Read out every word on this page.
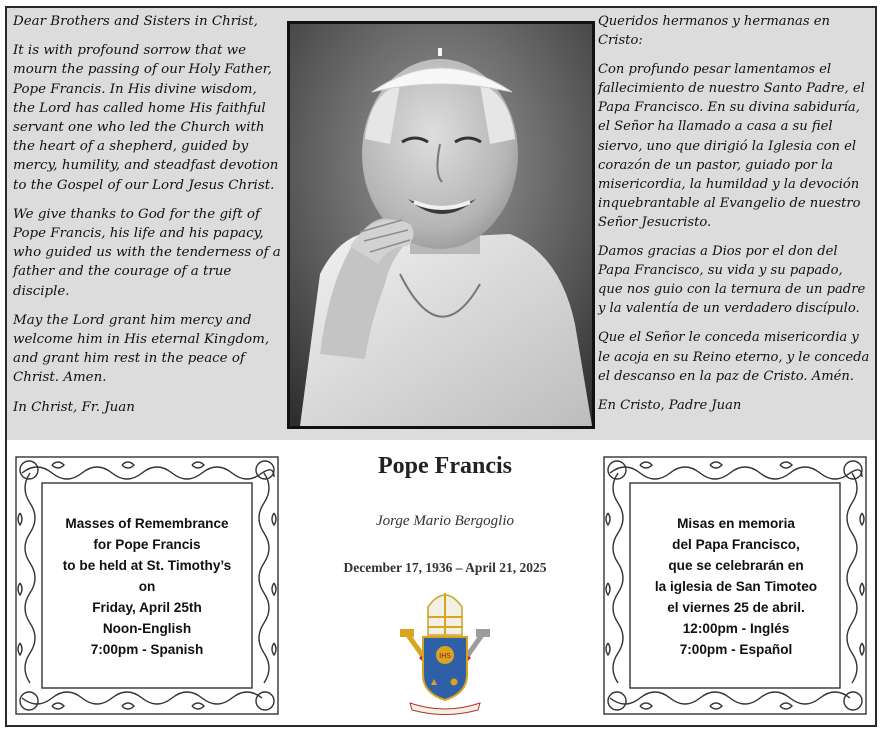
Dear Brothers and Sisters in Christ,

It is with profound sorrow that we mourn the passing of our Holy Father, Pope Francis. In His divine wisdom, the Lord has called home His faithful servant one who led the Church with the heart of a shepherd, guided by mercy, humility, and steadfast devotion to the Gospel of our Lord Jesus Christ.

We give thanks to God for the gift of Pope Francis, his life and his papacy, who guided us with the tenderness of a father and the courage of a true disciple.

May the Lord grant him mercy and welcome him in His eternal Kingdom, and grant him rest in the peace of Christ. Amen.

In Christ, Fr. Juan

Queridos hermanos y hermanas en Cristo:

Con profundo pesar lamentamos el fallecimiento de nuestro Santo Padre, el Papa Francisco. En su divina sabiduría, el Señor ha llamado a casa a su fiel siervo, uno que dirigió la Iglesia con el corazón de un pastor, guiado por la misericordia, la humildad y la devoción inquebrantable al Evangelio de nuestro Señor Jesucristo.

Damos gracias a Dios por el don del Papa Francisco, su vida y su papado, que nos guio con la ternura de un padre y la valentía de un verdadero discípulo.

Que el Señor le conceda misericordia y le acoja en su Reino eterno, y le conceda el descanso en la paz de Cristo. Amén.

En Cristo, Padre Juan

Masses of Remembrance
for Pope Francis
to be held at St. Timothy’s
on
Friday, April 25th
Noon-English
7:00pm - Spanish
Pope Francis
Jorge Mario Bergoglio
December 17, 1936 – April 21, 2025
IHS
Misas en memoria
del Papa Francisco,
que se celebrarán en
la iglesia de San Timoteo
el viernes 25 de abril.
12:00pm - Inglés
7:00pm - Español
